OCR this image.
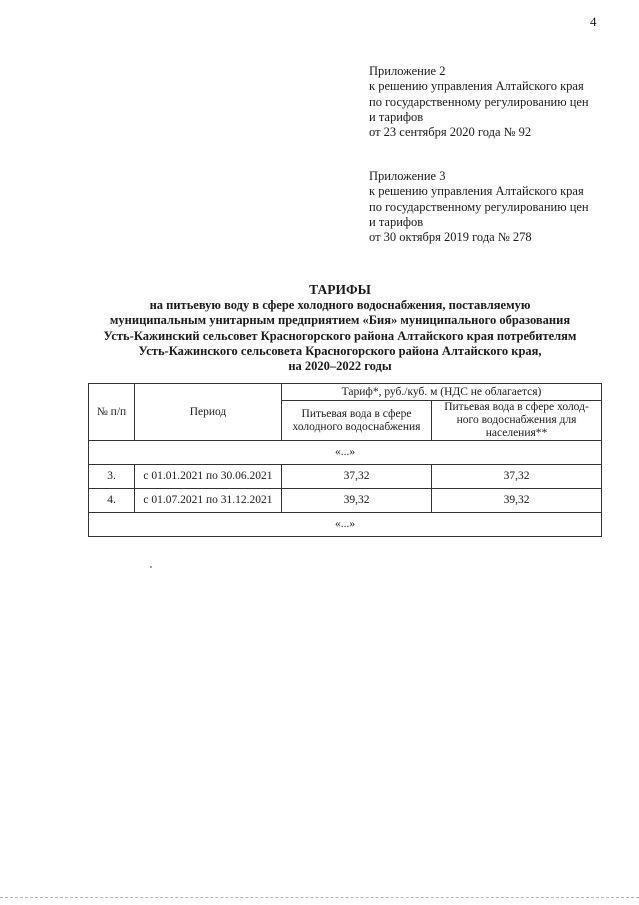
4
Приложение 2
к решению управления Алтайского края
по государственному регулированию цен
и тарифов
от 23 сентября 2020 года № 92
Приложение 3
к решению управления Алтайского края
по государственному регулированию цен
и тарифов
от 30 октября 2019 года № 278
ТАРИФЫ
на питьевую воду в сфере холодного водоснабжения, поставляемую
муниципальным унитарным предприятием «Бия» муниципального образования
Усть-Кажинский сельсовет Красногорского района Алтайского края потребителям
Усть-Кажинского сельсовета Красногорского района Алтайского края,
на 2020–2022 годы
№ п/п	Период	Тариф*, руб./куб. м (НДС не облагается)	
		Питьевая вода в сфере холодного водоснабжения	Питьевая вода в сфере холод-ного водоснабжения для населения**
«...»			
3.	с 01.01.2021 по 30.06.2021	37,32	37,32
4.	с 01.07.2021 по 31.12.2021	39,32	39,32
«...»			
